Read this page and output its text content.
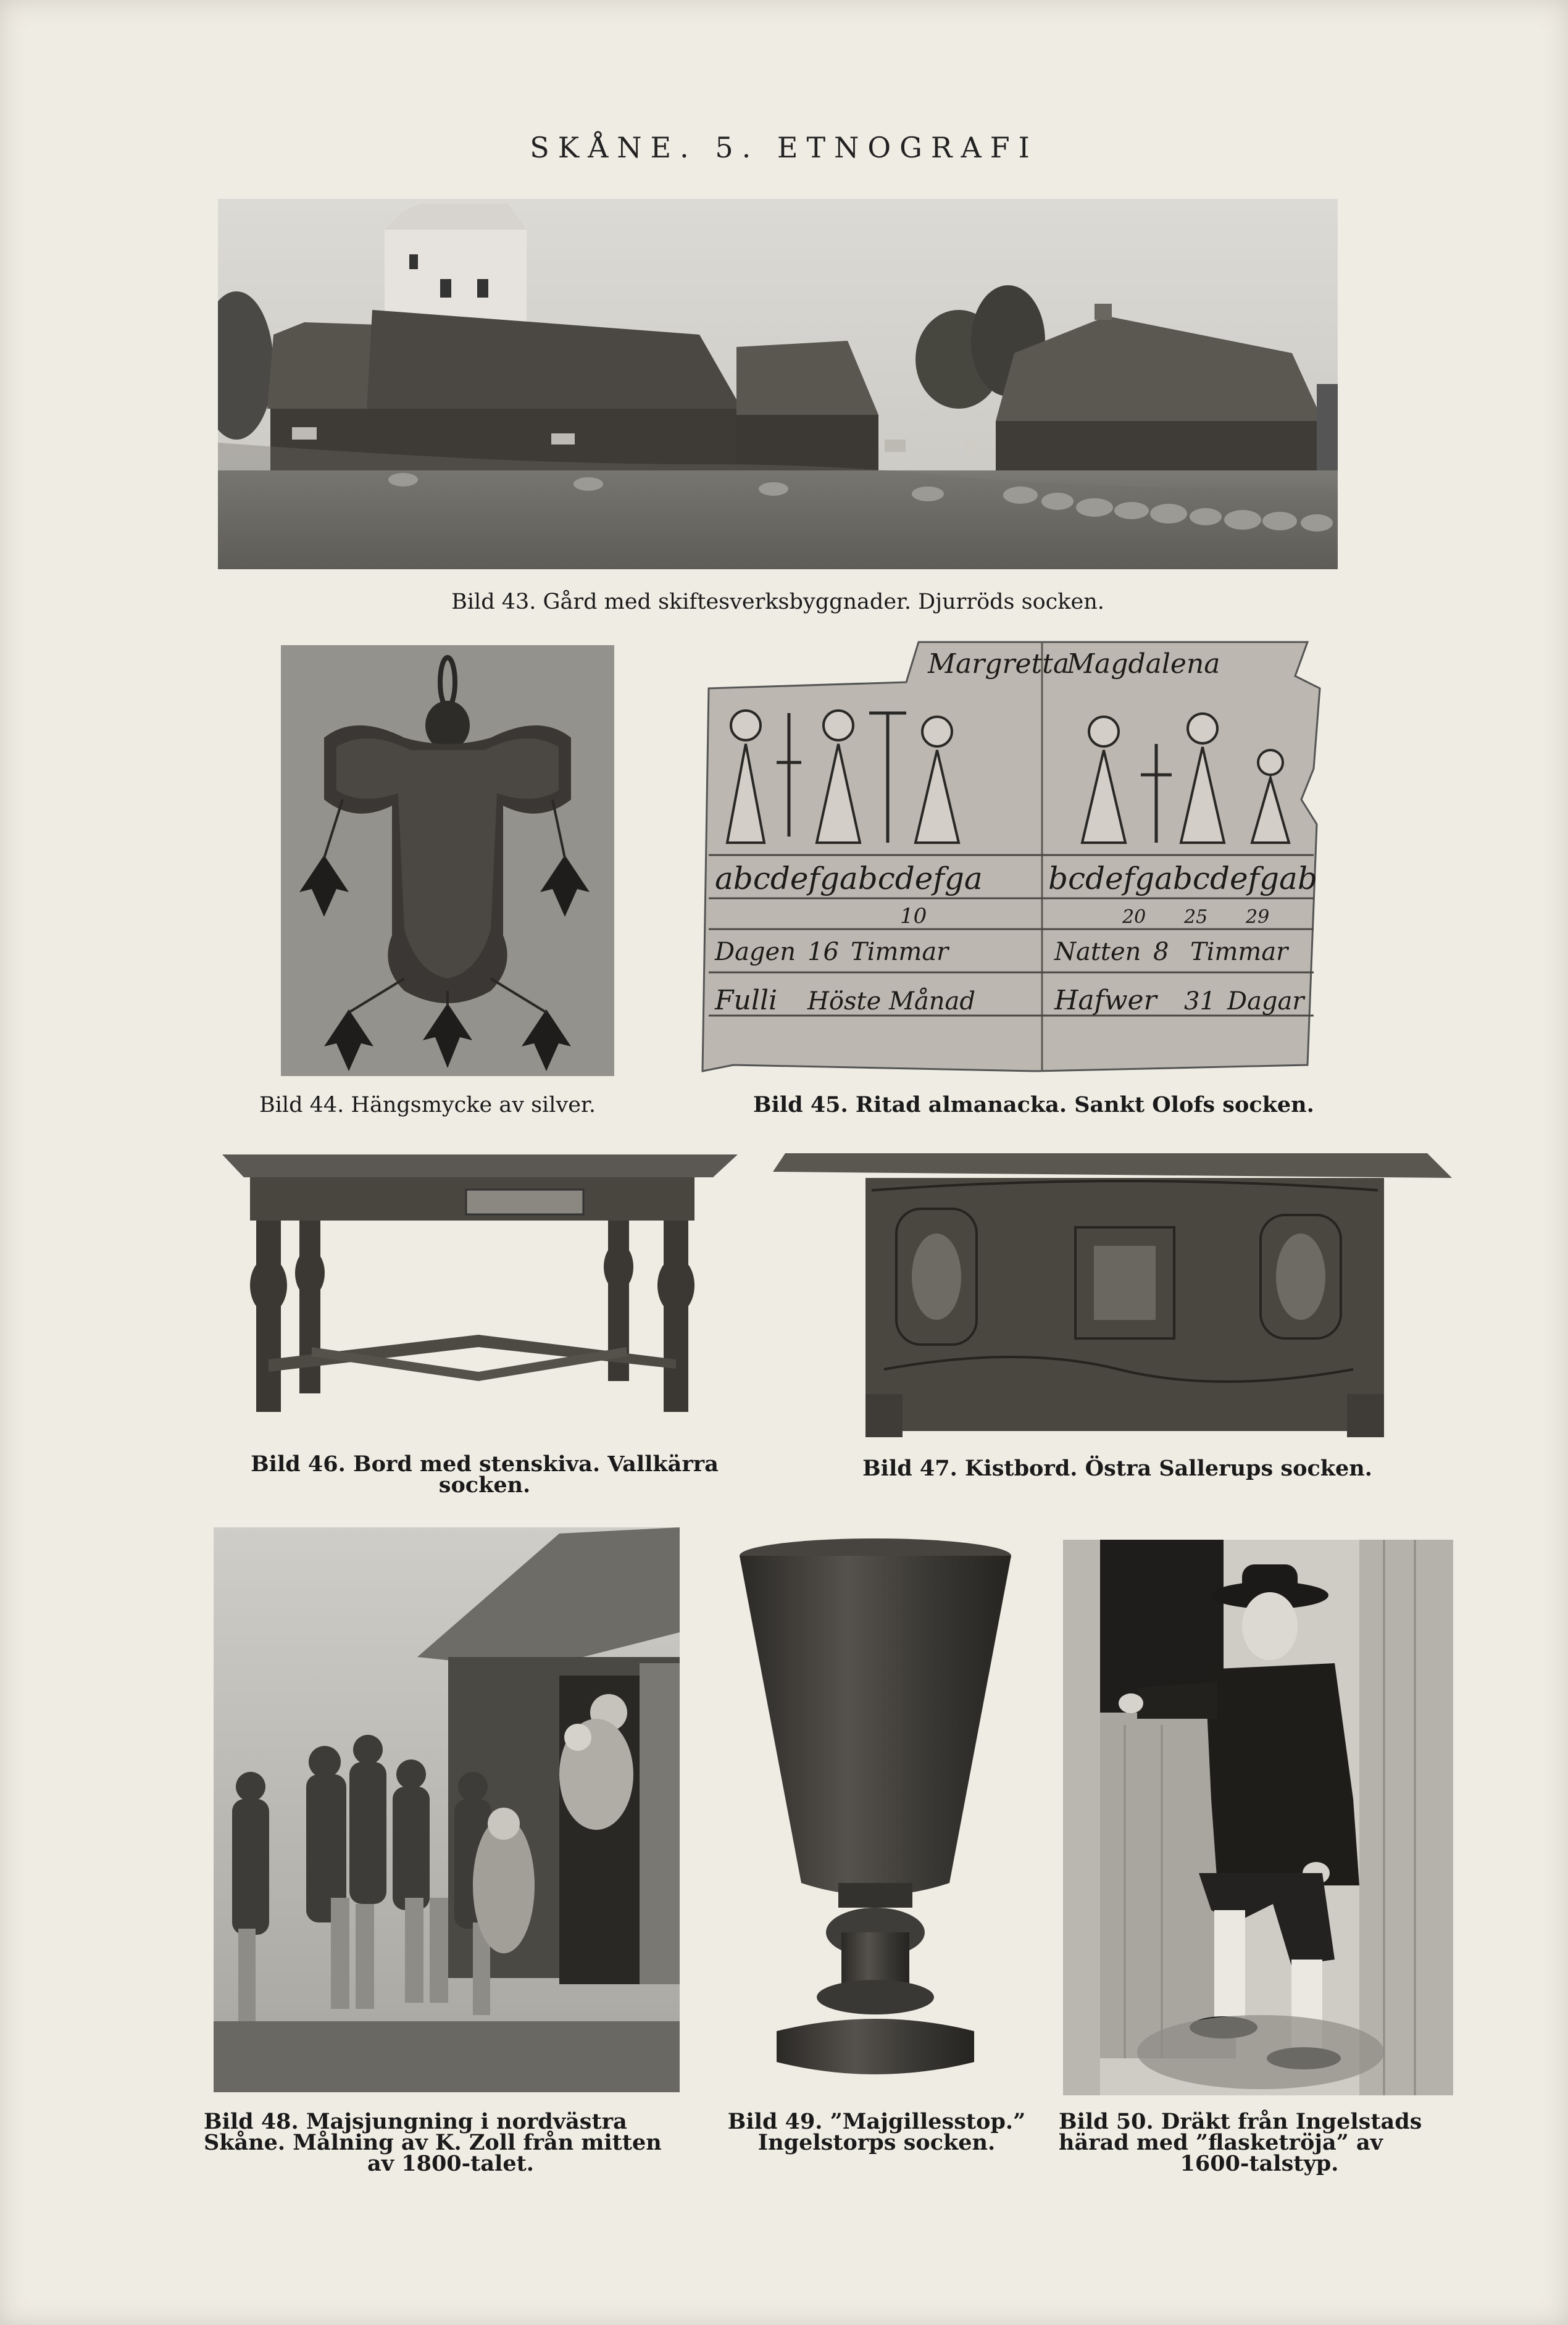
SKÅNE. 5. ETNOGRAFI
Bild 43. Gård med skiftesverksbyggnader. Djurröds socken.
Bild 44. Hängsmycke av silver.
Margretta
Magdalena
abcdefgabcdefga bcdefgabcdefgab
10	20 25 29
Dagen 16 Timmar	Natten 8 Timmar
Fulli Höste Månad	Hafwer 31 Dagar
Bild 45. Ritad almanacka. Sankt Olofs socken.
Bild 46. Bord med stenskiva. Vallkärra
socken.
Bild 47. Kistbord. Östra Sallerups socken.
Bild 48. Majsjungning i nordvästra
Skåne. Målning av K. Zoll från mitten
av 1800-talet.
Bild 49. ”Majgillesstop.”
Ingelstorps socken.
Bild 50. Dräkt från Ingelstads
härad med ”flasketröja” av
1600-talstyp.
